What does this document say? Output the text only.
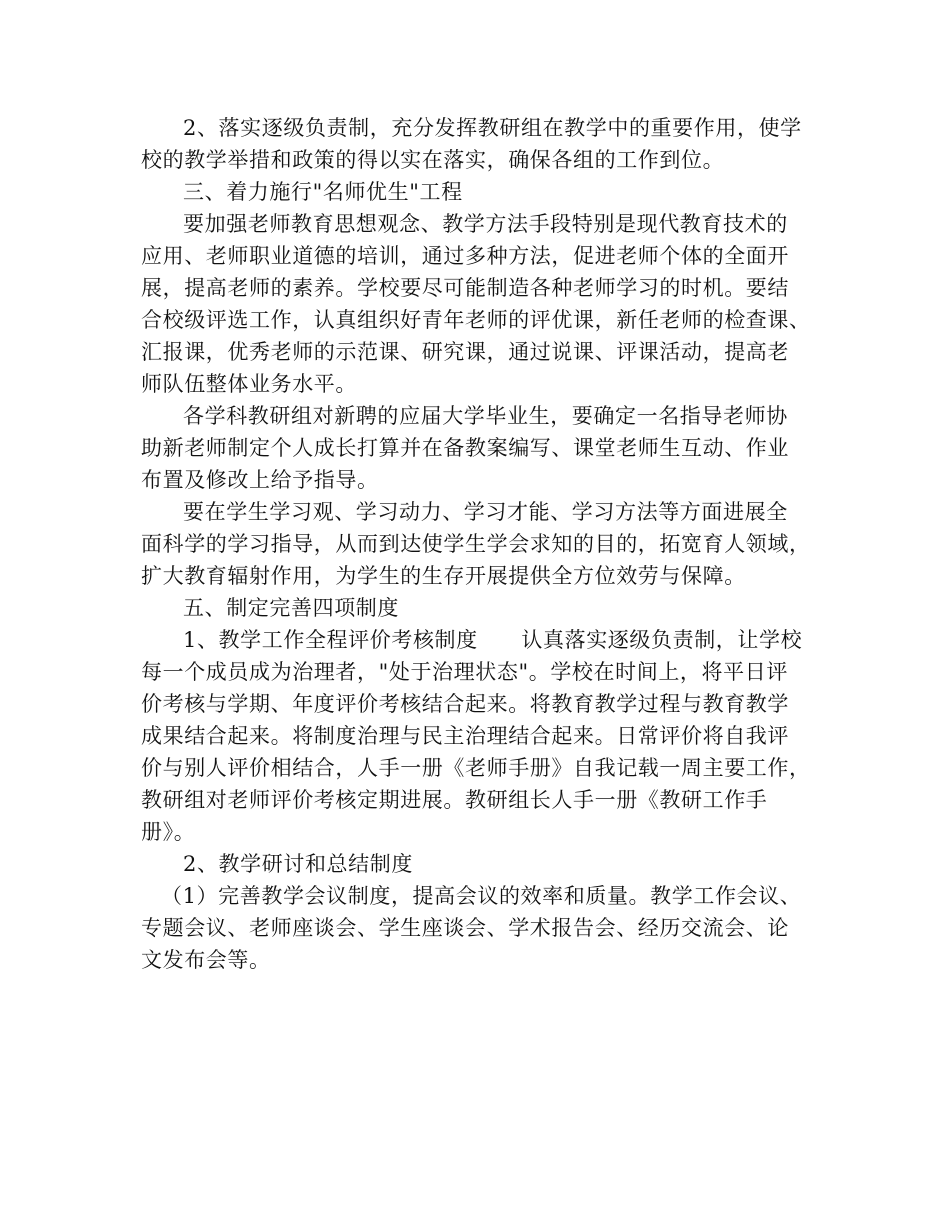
2、落实逐级负责制，充分发挥教研组在教学中的重要作用，使学
校的教学举措和政策的得以实在落实，确保各组的工作到位。
三、着力施行"名师优生"工程
要加强老师教育思想观念、教学方法手段特别是现代教育技术的
应用、老师职业道德的培训，通过多种方法，促进老师个体的全面开
展，提高老师的素养。学校要尽可能制造各种老师学习的时机。要结
合校级评选工作，认真组织好青年老师的评优课，新任老师的检查课、
汇报课，优秀老师的示范课、研究课，通过说课、评课活动，提高老
师队伍整体业务水平。
各学科教研组对新聘的应届大学毕业生，要确定一名指导老师协
助新老师制定个人成长打算并在备教案编写、课堂老师生互动、作业
布置及修改上给予指导。
要在学生学习观、学习动力、学习才能、学习方法等方面进展全
面科学的学习指导，从而到达使学生学会求知的目的，拓宽育人领域，
扩大教育辐射作用，为学生的生存开展提供全方位效劳与保障。
五、制定完善四项制度
1、教学工作全程评价考核制度      认真落实逐级负责制，让学校
每一个成员成为治理者，"处于治理状态"。学校在时间上，将平日评
价考核与学期、年度评价考核结合起来。将教育教学过程与教育教学
成果结合起来。将制度治理与民主治理结合起来。日常评价将自我评
价与别人评价相结合，人手一册《老师手册》自我记载一周主要工作，
教研组对老师评价考核定期进展。教研组长人手一册《教研工作手
册》。
2、教学研讨和总结制度
（1）完善教学会议制度，提高会议的效率和质量。教学工作会议、
专题会议、老师座谈会、学生座谈会、学术报告会、经历交流会、论
文发布会等。
